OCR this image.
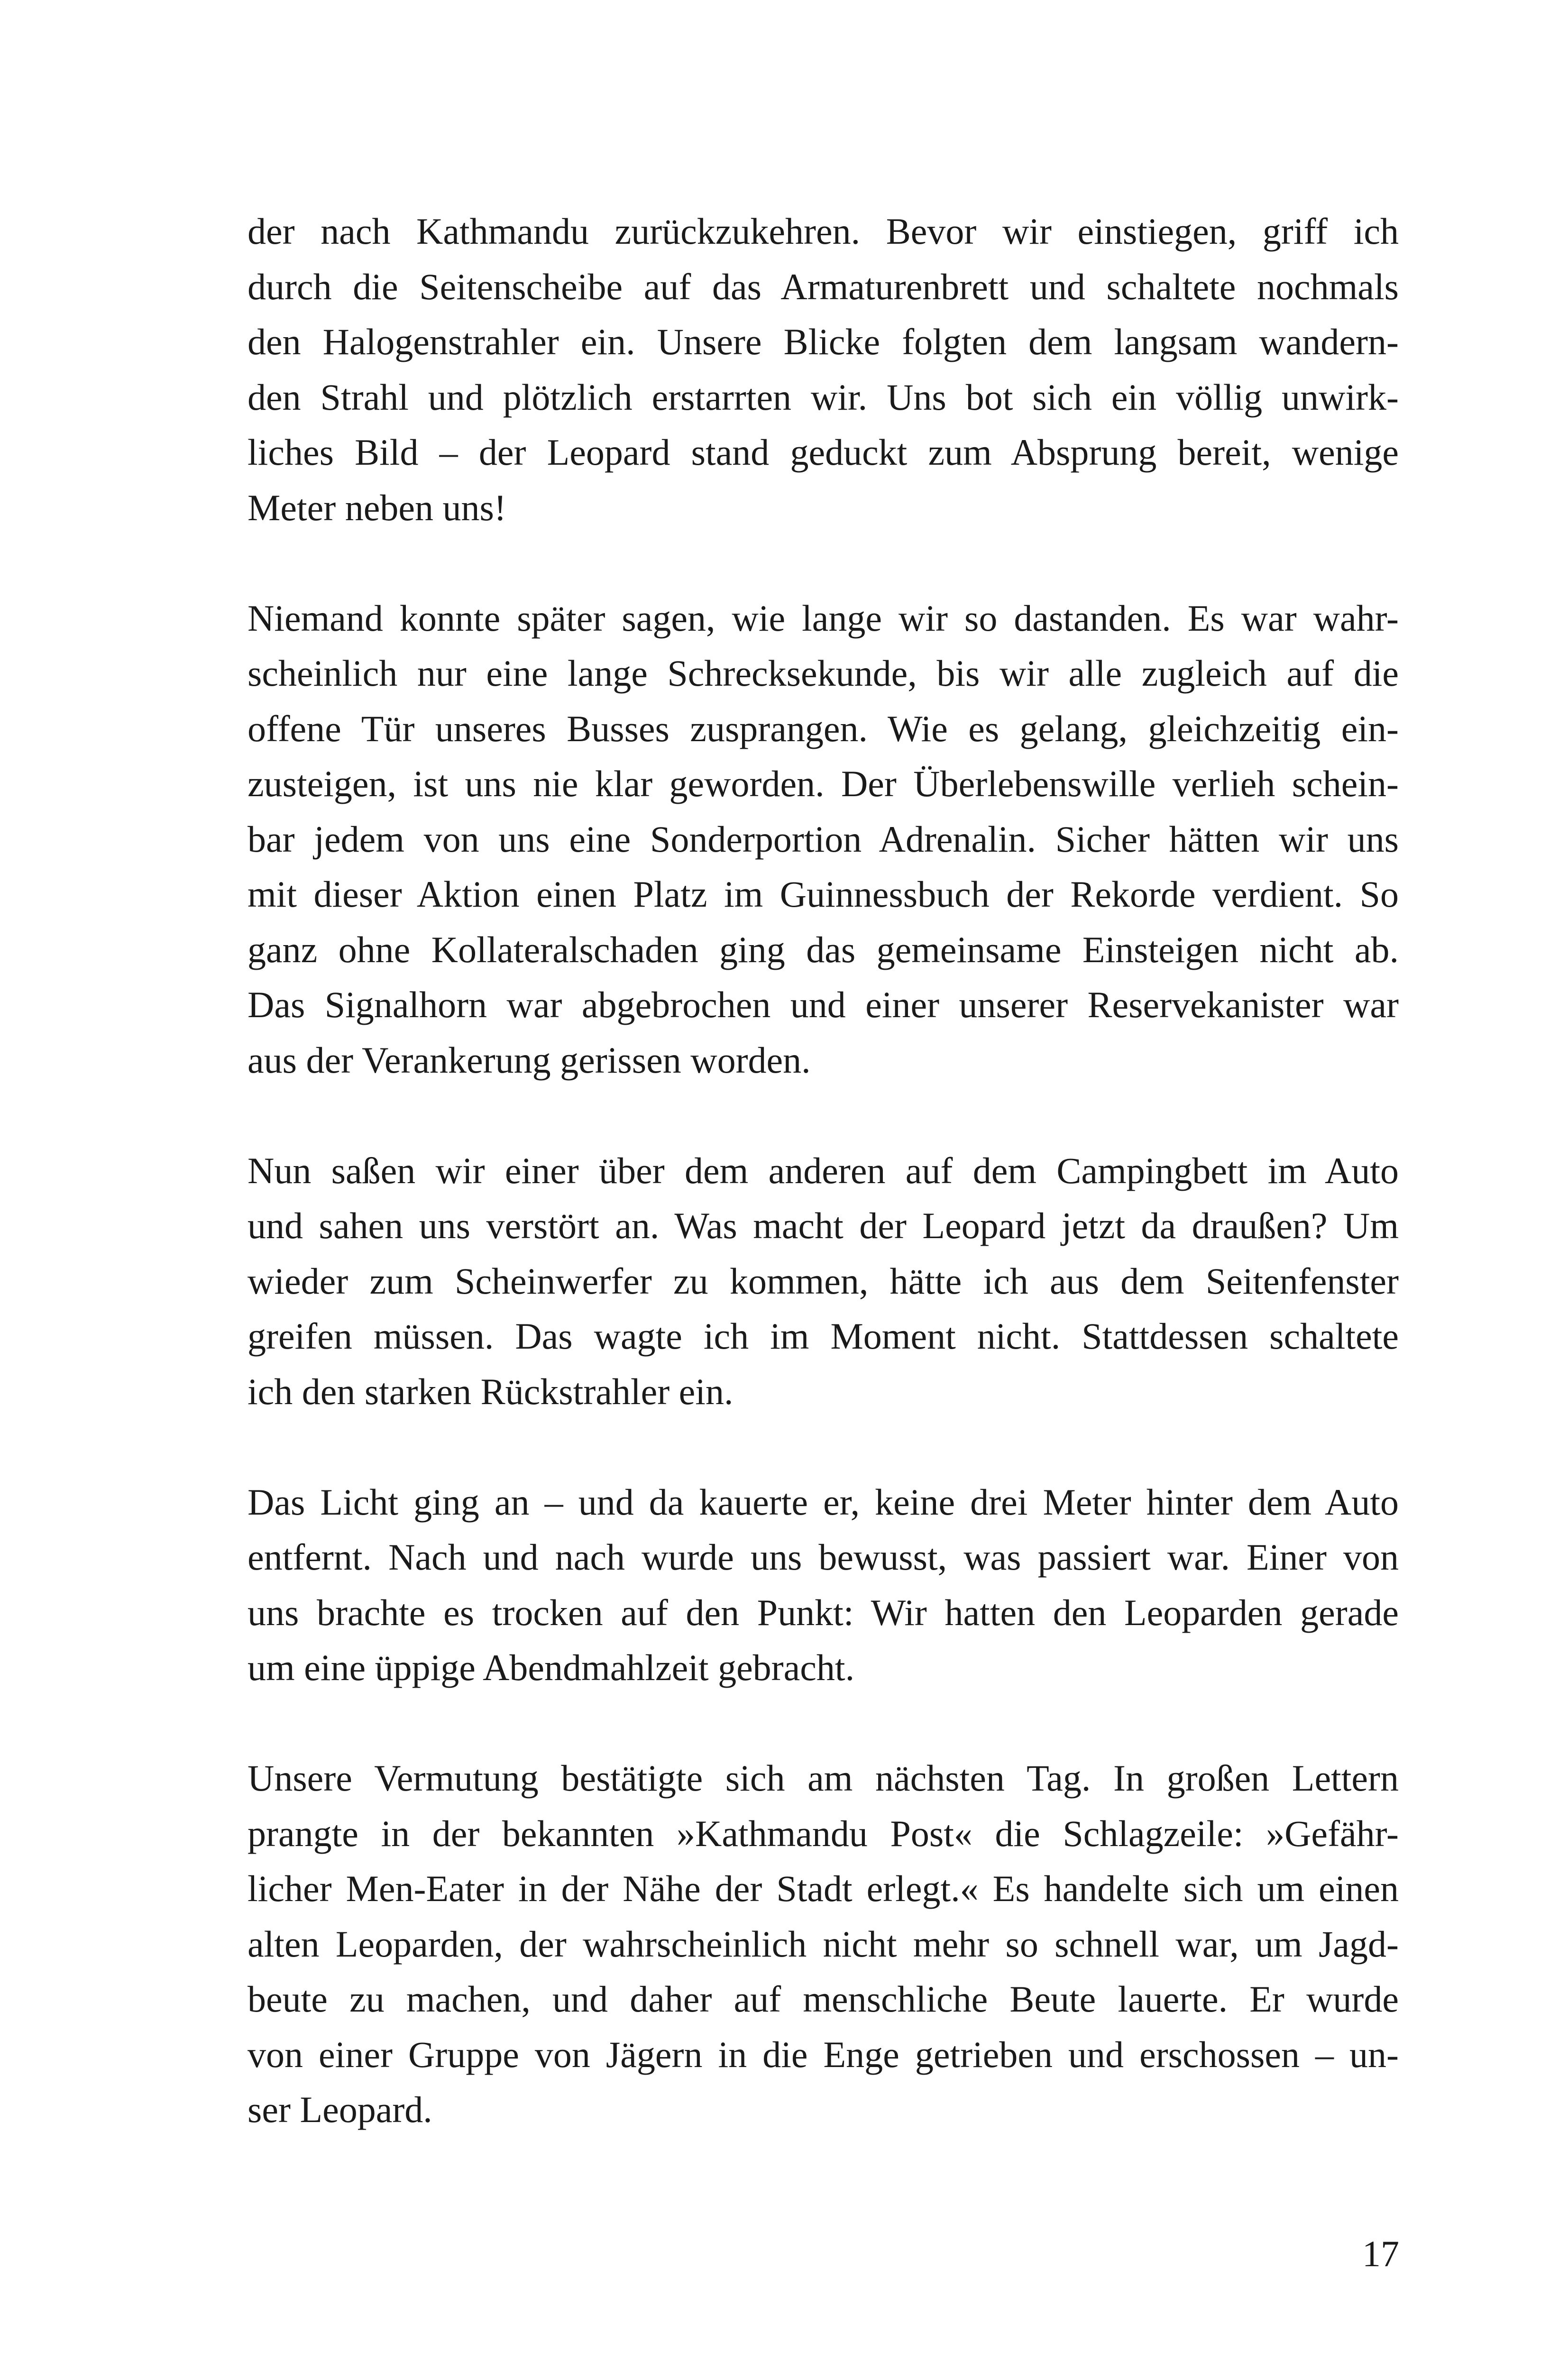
der nach Kathmandu zurückzukehren. Bevor wir einstiegen, griff ich
durch die Seitenscheibe auf das Armaturenbrett und schaltete nochmals
den Halogenstrahler ein. Unsere Blicke folgten dem langsam wandern-
den Strahl und plötzlich erstarrten wir. Uns bot sich ein völlig unwirk-
liches Bild – der Leopard stand geduckt zum Absprung bereit, wenige
Meter neben uns!

Niemand konnte später sagen, wie lange wir so dastanden. Es war wahr-
scheinlich nur eine lange Schrecksekunde, bis wir alle zugleich auf die
offene Tür unseres Busses zusprangen. Wie es gelang, gleichzeitig ein-
zusteigen, ist uns nie klar geworden. Der Überlebenswille verlieh schein-
bar jedem von uns eine Sonderportion Adrenalin. Sicher hätten wir uns
mit dieser Aktion einen Platz im Guinnessbuch der Rekorde verdient. So
ganz ohne Kollateralschaden ging das gemeinsame Einsteigen nicht ab.
Das Signalhorn war abgebrochen und einer unserer Reservekanister war
aus der Verankerung gerissen worden.

Nun saßen wir einer über dem anderen auf dem Campingbett im Auto
und sahen uns verstört an. Was macht der Leopard jetzt da draußen? Um
wieder zum Scheinwerfer zu kommen, hätte ich aus dem Seitenfenster
greifen müssen. Das wagte ich im Moment nicht. Stattdessen schaltete
ich den starken Rückstrahler ein.

Das Licht ging an – und da kauerte er, keine drei Meter hinter dem Auto
entfernt. Nach und nach wurde uns bewusst, was passiert war. Einer von
uns brachte es trocken auf den Punkt: Wir hatten den Leoparden gerade
um eine üppige Abendmahlzeit gebracht.

Unsere Vermutung bestätigte sich am nächsten Tag. In großen Lettern
prangte in der bekannten »Kathmandu Post« die Schlagzeile: »Gefähr-
licher Men-Eater in der Nähe der Stadt erlegt.« Es handelte sich um einen
alten Leoparden, der wahrscheinlich nicht mehr so schnell war, um Jagd-
beute zu machen, und daher auf menschliche Beute lauerte. Er wurde
von einer Gruppe von Jägern in die Enge getrieben und erschossen – un-
ser Leopard.

17
